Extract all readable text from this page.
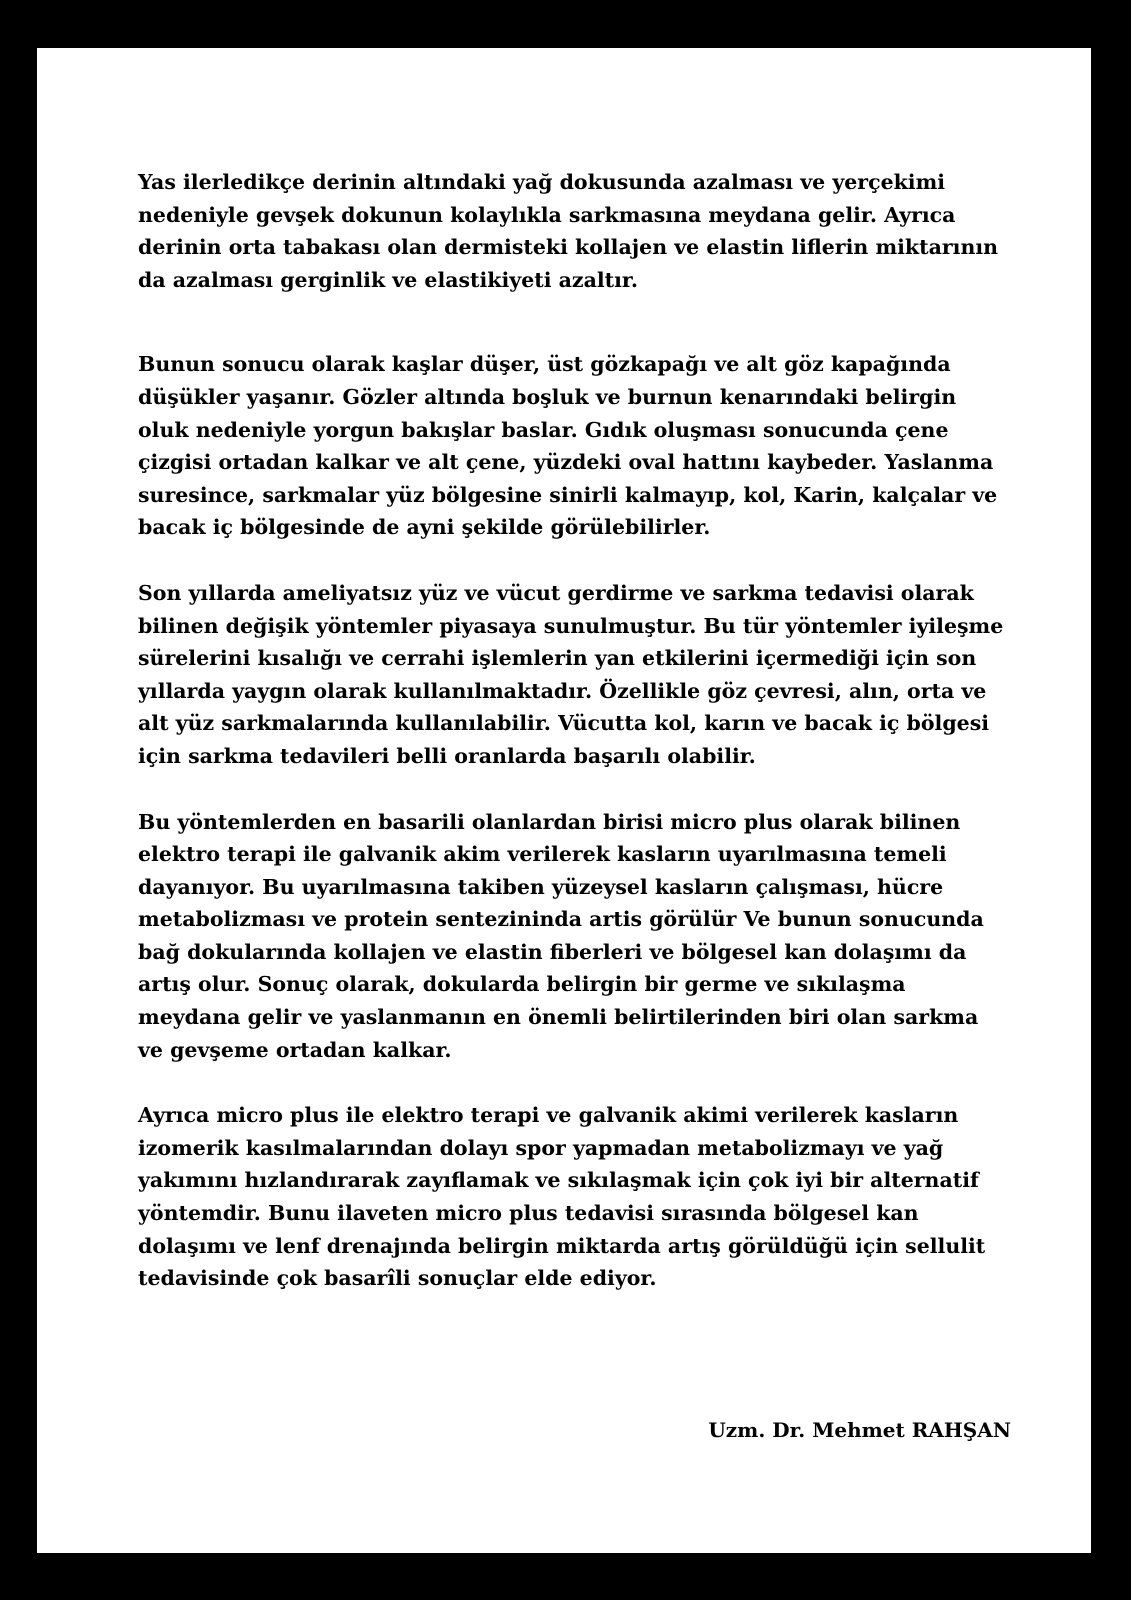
Yas ilerledikçe derinin altındaki yağ dokusunda azalması ve yerçekimi
nedeniyle gevşek dokunun kolaylıkla sarkmasına meydana gelir. Ayrıca
derinin orta tabakası olan dermisteki kollajen ve elastin liflerin miktarının
da azalması gerginlik ve elastikiyeti azaltır.

Bunun sonucu olarak kaşlar düşer, üst gözkapağı ve alt göz kapağında
düşükler yaşanır. Gözler altında boşluk ve burnun kenarındaki belirgin
oluk nedeniyle yorgun bakışlar baslar. Gıdık oluşması sonucunda çene
çizgisi ortadan kalkar ve alt çene, yüzdeki oval hattını kaybeder. Yaslanma
suresince, sarkmalar yüz bölgesine sinirli kalmayıp, kol, Karin, kalçalar ve
bacak iç bölgesinde de ayni şekilde görülebilirler.

Son yıllarda ameliyatsız yüz ve vücut gerdirme ve sarkma tedavisi olarak
bilinen değişik yöntemler piyasaya sunulmuştur. Bu tür yöntemler iyileşme
sürelerini kısalığı ve cerrahi işlemlerin yan etkilerini içermediği için son
yıllarda yaygın olarak kullanılmaktadır. Özellikle göz çevresi, alın, orta ve
alt yüz sarkmalarında kullanılabilir. Vücutta kol, karın ve bacak iç bölgesi
için sarkma tedavileri belli oranlarda başarılı olabilir.

Bu yöntemlerden en basarili olanlardan birisi micro plus olarak bilinen
elektro terapi ile galvanik akim verilerek kasların uyarılmasına temeli
dayanıyor. Bu uyarılmasına takiben yüzeysel kasların çalışması, hücre
metabolizması ve protein sentezininda artis görülür Ve bunun sonucunda
bağ dokularında kollajen ve elastin fiberleri ve bölgesel kan dolaşımı da
artış olur. Sonuç olarak, dokularda belirgin bir germe ve sıkılaşma
meydana gelir ve yaslanmanın en önemli belirtilerinden biri olan sarkma
ve gevşeme ortadan kalkar.

Ayrıca micro plus ile elektro terapi ve galvanik akimi verilerek kasların
izomerik kasılmalarından dolayı spor yapmadan metabolizmayı ve yağ
yakımını hızlandırarak zayıflamak ve sıkılaşmak için çok iyi bir alternatif
yöntemdir. Bunu ilaveten micro plus tedavisi sırasında bölgesel kan
dolaşımı ve lenf drenajında belirgin miktarda artış görüldüğü için sellulit
tedavisinde çok basarîli sonuçlar elde ediyor.

Uzm. Dr. Mehmet RAHŞAN
